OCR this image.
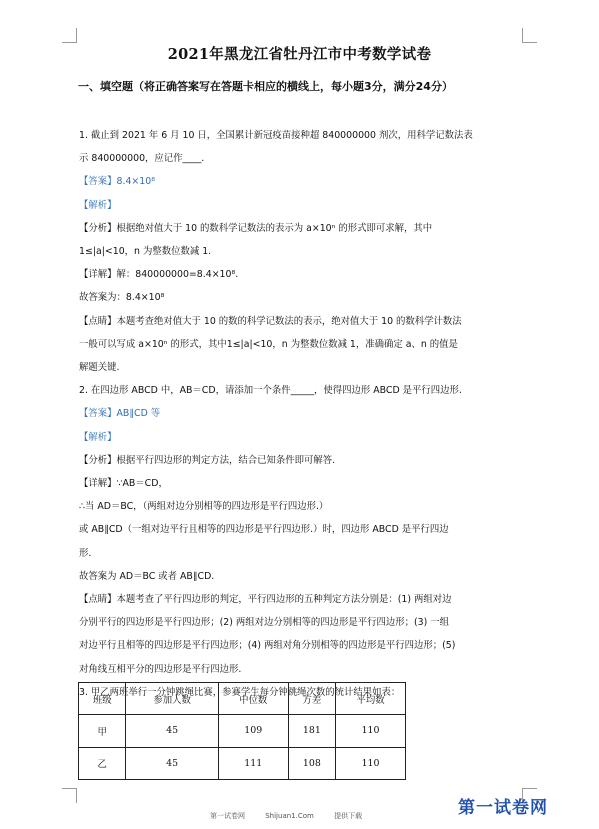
2021年黑龙江省牡丹江市中考数学试卷
一、填空题（将正确答案写在答题卡相应的横线上，每小题3分，满分24分）

1. 截止到 2021 年 6 月 10 日，全国累计新冠疫苗接种超 840000000 剂次，用科学记数法表

示 840000000，应记作____.

【答案】8.4×10⁸

【解析】

【分析】根据绝对值大于 10 的数科学记数法的表示为 a×10ⁿ 的形式即可求解，其中

1≤|a|<10，n 为整数位数减 1.

【详解】解：840000000=8.4×10⁸.

故答案为：8.4×10⁸

【点睛】本题考查绝对值大于 10 的数的科学记数法的表示，绝对值大于 10 的数科学计数法

一般可以写成 a×10ⁿ 的形式，其中1≤|a|<10，n 为整数位数减 1，准确确定 a、n 的值是

解题关键.

2. 在四边形 ABCD 中，AB＝CD，请添加一个条件_____，使得四边形 ABCD 是平行四边形.

【答案】AB∥CD 等

【解析】

【分析】根据平行四边形的判定方法，结合已知条件即可解答.

【详解】∵AB＝CD，

∴当 AD＝BC，（两组对边分别相等的四边形是平行四边形.）

或 AB∥CD（一组对边平行且相等的四边形是平行四边形.）时，四边形 ABCD 是平行四边

形.

故答案为 AD＝BC 或者 AB∥CD.

【点睛】本题考查了平行四边形的判定，平行四边形的五种判定方法分别是：(1) 两组对边

分别平行的四边形是平行四边形；(2) 两组对边分别相等的四边形是平行四边形；(3) 一组

对边平行且相等的四边形是平行四边形；(4) 两组对角分别相等的四边形是平行四边形；(5)

对角线互相平分的四边形是平行四边形.

3. 甲乙两班举行一分钟跳绳比赛，参赛学生每分钟跳绳次数的统计结果如表：

班级	参加人数	中位数	方差	平均数
甲	45	109	181	110
乙	45	111	108	110
第一试卷网	Shijuan1.Com	提供下载	第一试卷网
